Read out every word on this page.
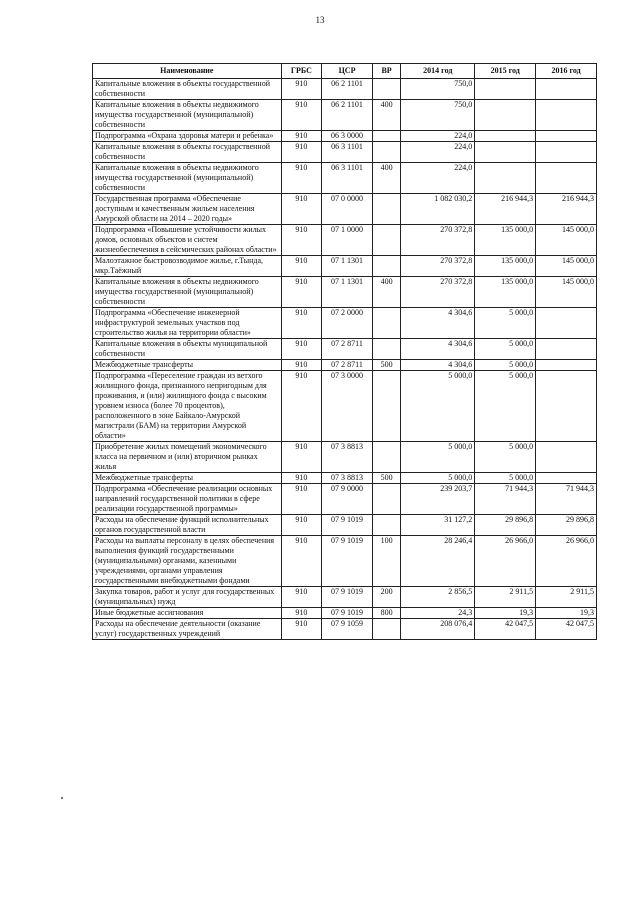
13
Наименование	ГРБС	ЦСР	ВР	2014 год	2015 год	2016 год
Капитальные вложения в объекты государственной собственности	910	06 2 1101		750,0		
Капитальные вложения в объекты недвижимого имущества государственной (муниципальной) собственности	910	06 2 1101	400	750,0		
Подпрограмма «Охрана здоровья матери и ребенка»	910	06 3 0000		224,0		
Капитальные вложения в объекты государственной собственности	910	06 3 1101		224,0		
Капитальные вложения в объекты недвижимого имущества государственной (муниципальной) собственности	910	06 3 1101	400	224,0		
Государственная программа «Обеспечение доступным и качественным жильем населения Амурской области на 2014 – 2020 годы»	910	07 0 0000		1 082 030,2	216 944,3	216 944,3
Подпрограмма «Повышение устойчивости жилых домов, основных объектов и систем жизнеобеспечения в сейсмических районах области»	910	07 1 0000		270 372,8	135 000,0	145 000,0
Малоэтажное быстровозводимое жилье, г.Тында, мкр.Таёжный	910	07 1 1301		270 372,8	135 000,0	145 000,0
Капитальные вложения в объекты недвижимого имущества государственной (муниципальной) собственности	910	07 1 1301	400	270 372,8	135 000,0	145 000,0
Подпрограмма «Обеспечение инженерной инфраструктурой земельных участков под строительство жилья на территории области»	910	07 2 0000		4 304,6	5 000,0	
Капитальные вложения в объекты муниципальной собственности	910	07 2 8711		4 304,6	5 000,0	
Межбюджетные трансферты	910	07 2 8711	500	4 304,6	5 000,0	
Подпрограмма «Переселение граждан из ветхого жилищного фонда, признанного непригодным для проживания, и (или) жилищного фонда с высоким уровнем износа (более 70 процентов), расположенного в зоне Байкало-Амурской магистрали (БАМ) на территории Амурской области»	910	07 3 0000		5 000,0	5 000,0	
Приобретение жилых помещений экономического класса на первичном и (или) вторичном рынках жилья	910	07 3 8813		5 000,0	5 000,0	
Межбюджетные трансферты	910	07 3 8813	500	5 000,0	5 000,0	
Подпрограмма «Обеспечение реализации основных направлений государственной политики в сфере реализации государственной программы»	910	07 9 0000		239 203,7	71 944,3	71 944,3
Расходы на обеспечение функций исполнительных органов государственной власти	910	07 9 1019		31 127,2	29 896,8	29 896,8
Расходы на выплаты персоналу в целях обеспечения выполнения функций государственными (муниципальными) органами, казенными учреждениями, органами управления государственными внебюджетными фондами	910	07 9 1019	100	28 246,4	26 966,0	26 966,0
Закупка товаров, работ и услуг для государственных (муниципальных) нужд	910	07 9 1019	200	2 856,5	2 911,5	2 911,5
Иные бюджетные ассигнования	910	07 9 1019	800	24,3	19,3	19,3
Расходы на обеспечение деятельности (оказание услуг) государственных учреждений	910	07 9 1059		208 076,4	42 047,5	42 047,5
